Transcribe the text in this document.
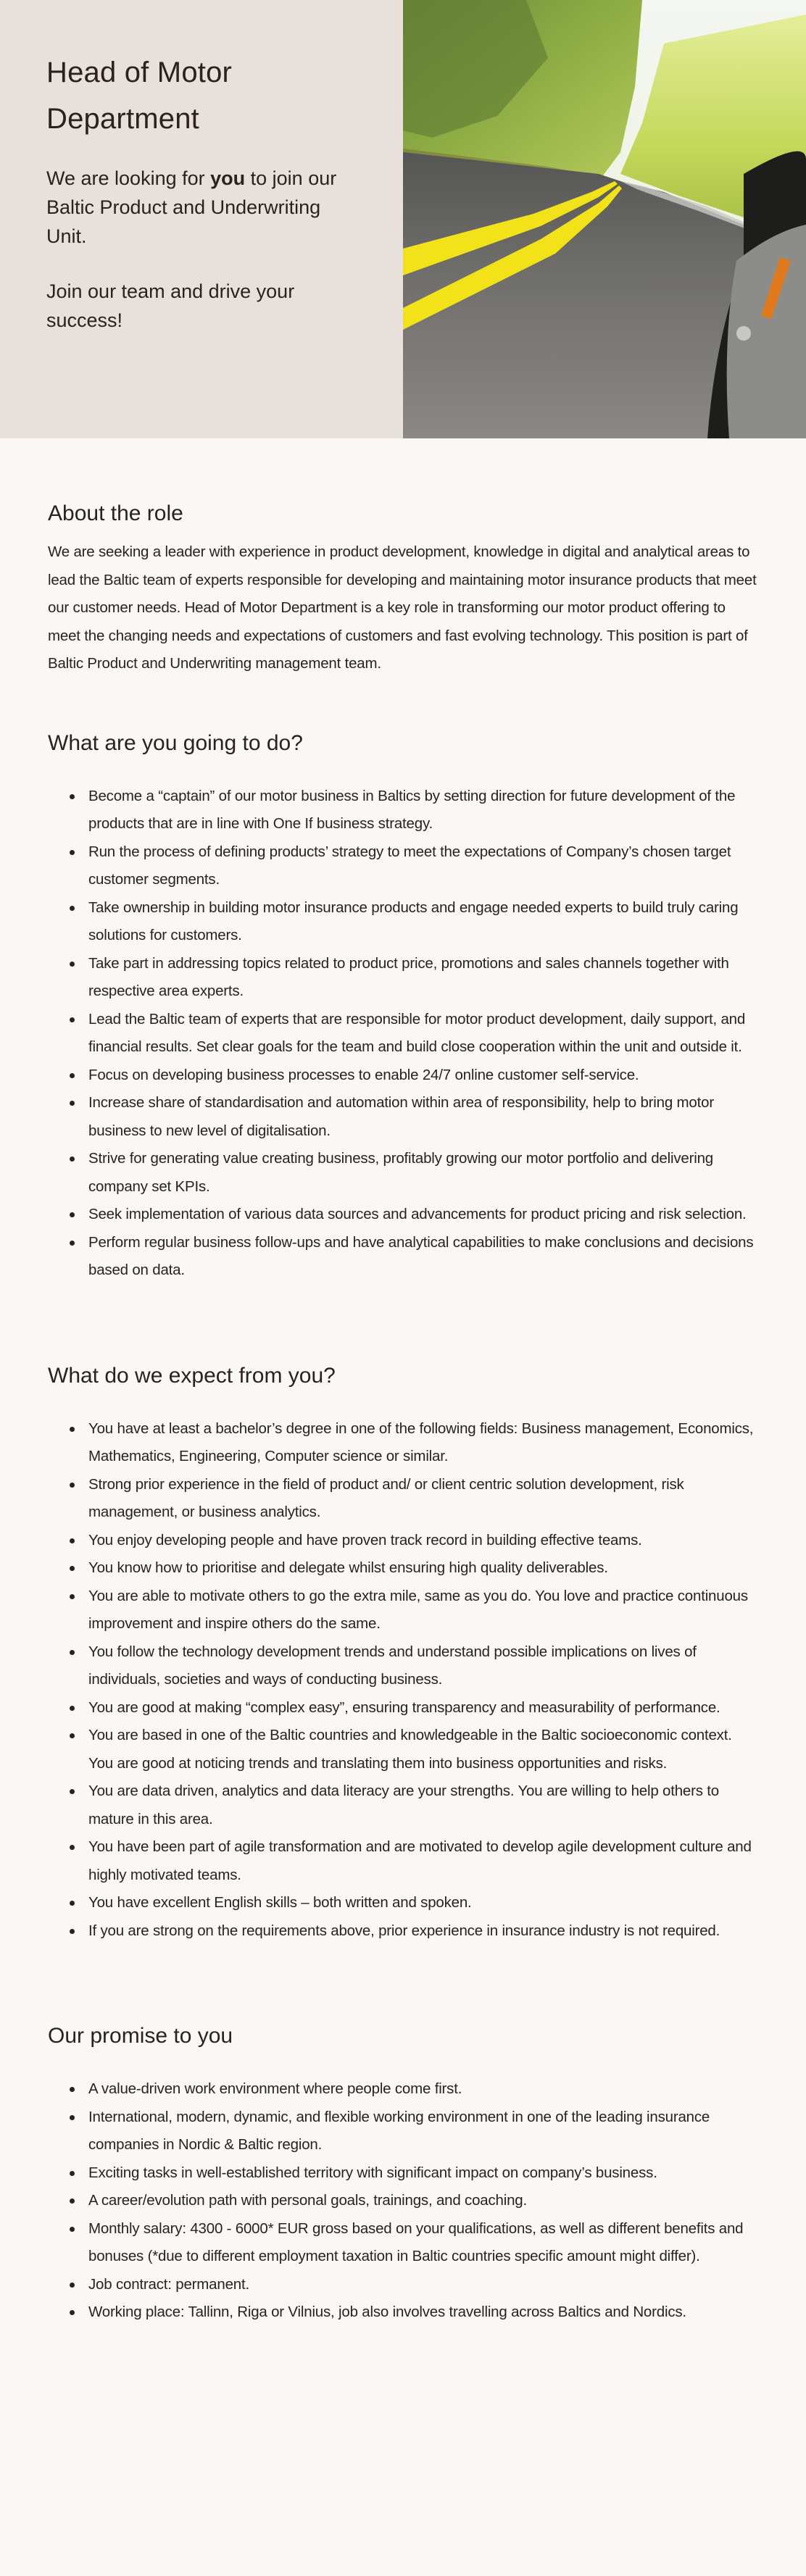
Head of Motor Department

We are looking for you to join our Baltic Product and Underwriting Unit.

Join our team and drive your success!

About the role

We are seeking a leader with experience in product development, knowledge in digital and analytical areas to lead the Baltic team of experts responsible for developing and maintaining motor insurance products that meet our customer needs. Head of Motor Department is a key role in transforming our motor product offering to meet the changing needs and expectations of customers and fast evolving technology. This position is part of Baltic Product and Underwriting management team.

What are you going to do?
Become a “captain” of our motor business in Baltics by setting direction for future development of the products that are in line with One If business strategy.
Run the process of defining products’ strategy to meet the expectations of Company’s chosen target customer segments.
Take ownership in building motor insurance products and engage needed experts to build truly caring solutions for customers.
Take part in addressing topics related to product price, promotions and sales channels together with respective area experts.
Lead the Baltic team of experts that are responsible for motor product development, daily support, and financial results. Set clear goals for the team and build close cooperation within the unit and outside it.
Focus on developing business processes to enable 24/7 online customer self-service.
Increase share of standardisation and automation within area of responsibility, help to bring motor business to new level of digitalisation.
Strive for generating value creating business, profitably growing our motor portfolio and delivering company set KPIs.
Seek implementation of various data sources and advancements for product pricing and risk selection.
Perform regular business follow-ups and have analytical capabilities to make conclusions and decisions based on data.
What do we expect from you?
You have at least a bachelor’s degree in one of the following fields: Business management, Economics, Mathematics, Engineering, Computer science or similar.
Strong prior experience in the field of product and/ or client centric solution development, risk management, or business analytics.
You enjoy developing people and have proven track record in building effective teams.
You know how to prioritise and delegate whilst ensuring high quality deliverables.
You are able to motivate others to go the extra mile, same as you do. You love and practice continuous improvement and inspire others do the same.
You follow the technology development trends and understand possible implications on lives of individuals, societies and ways of conducting business.
You are good at making “complex easy”, ensuring transparency and measurability of performance.
You are based in one of the Baltic countries and knowledgeable in the Baltic socioeconomic context. You are good at noticing trends and translating them into business opportunities and risks.
You are data driven, analytics and data literacy are your strengths. You are willing to help others to mature in this area.
You have been part of agile transformation and are motivated to develop agile development culture and highly motivated teams.
You have excellent English skills – both written and spoken.
If you are strong on the requirements above, prior experience in insurance industry is not required.
Our promise to you
A value-driven work environment where people come first.
International, modern, dynamic, and flexible working environment in one of the leading insurance companies in Nordic & Baltic region.
Exciting tasks in well-established territory with significant impact on company’s business.
A career/evolution path with personal goals, trainings, and coaching.
Monthly salary: 4300 - 6000* EUR gross based on your qualifications, as well as different benefits and bonuses (*due to different employment taxation in Baltic countries specific amount might differ).
Job contract: permanent.
Working place: Tallinn, Riga or Vilnius, job also involves travelling across Baltics and Nordics.
